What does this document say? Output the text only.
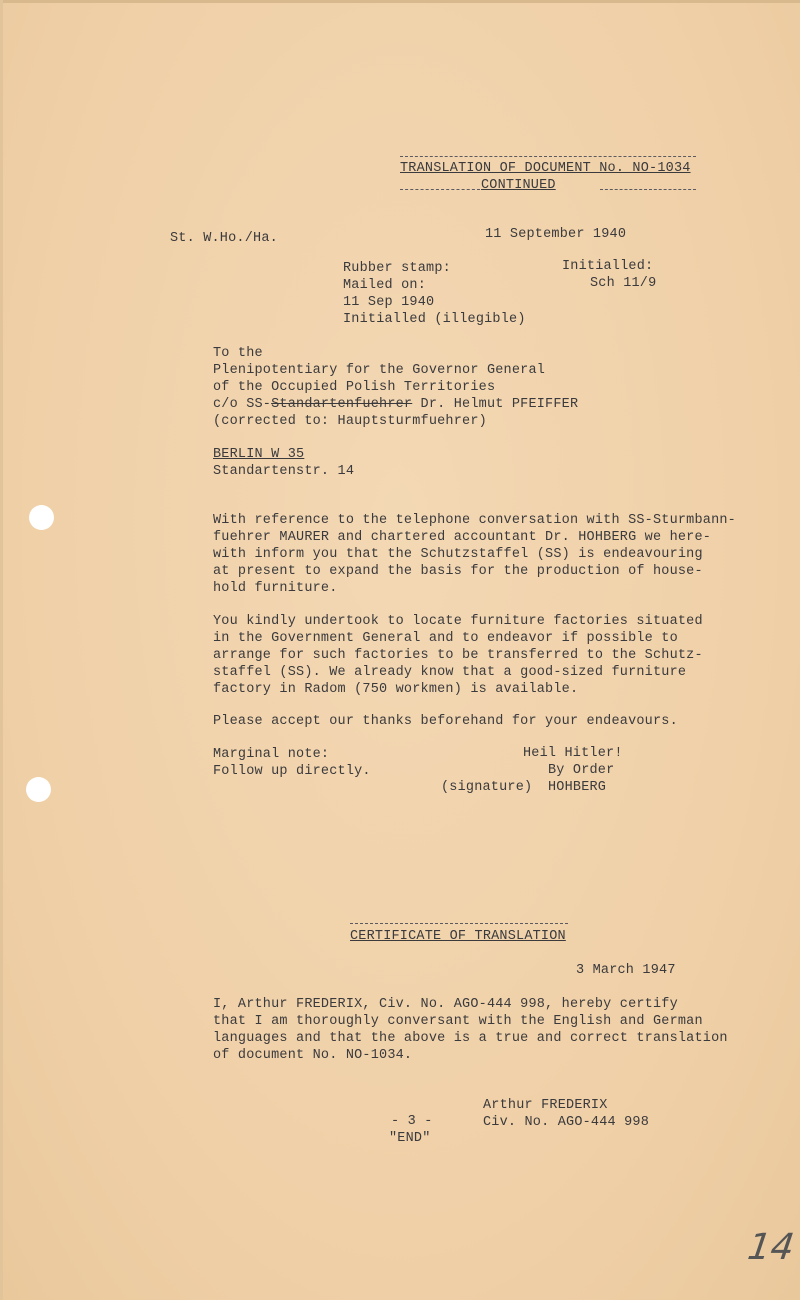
TRANSLATION OF DOCUMENT No. NO-1034
CONTINUED
St. W.Ho./Ha.	11 September 1940
Rubber stamp:
Mailed on:
11 Sep 1940
Initialled (illegible)
Initialled:
Sch 11/9
To the
Plenipotentiary for the Governor General
of the Occupied Polish Territories
c/o SS-Standartenfuehrer Dr. Helmut PFEIFFER
(corrected to: Hauptsturmfuehrer)
BERLIN W 35
Standartenstr. 14
With reference to the telephone conversation with SS-Sturmbann-
fuehrer MAURER and chartered accountant Dr. HOHBERG we here-
with inform you that the Schutzstaffel (SS) is endeavouring
at present to expand the basis for the production of house-
hold furniture.
You kindly undertook to locate furniture factories situated
in the Government General and to endeavor if possible to
arrange for such factories to be transferred to the Schutz-
staffel (SS). We already know that a good-sized furniture
factory in Radom (750 workmen) is available.
Please accept our thanks beforehand for your endeavours.
Marginal note:
Follow up directly.
Heil Hitler!
By Order
(signature) HOHBERG
CERTIFICATE OF TRANSLATION
3 March 1947
I, Arthur FREDERIX, Civ. No. AGO-444 998, hereby certify
that I am thoroughly conversant with the English and German
languages and that the above is a true and correct translation
of document No. NO-1034.
Arthur FREDERIX
Civ. No. AGO-444 998
- 3 -
"END"
14
